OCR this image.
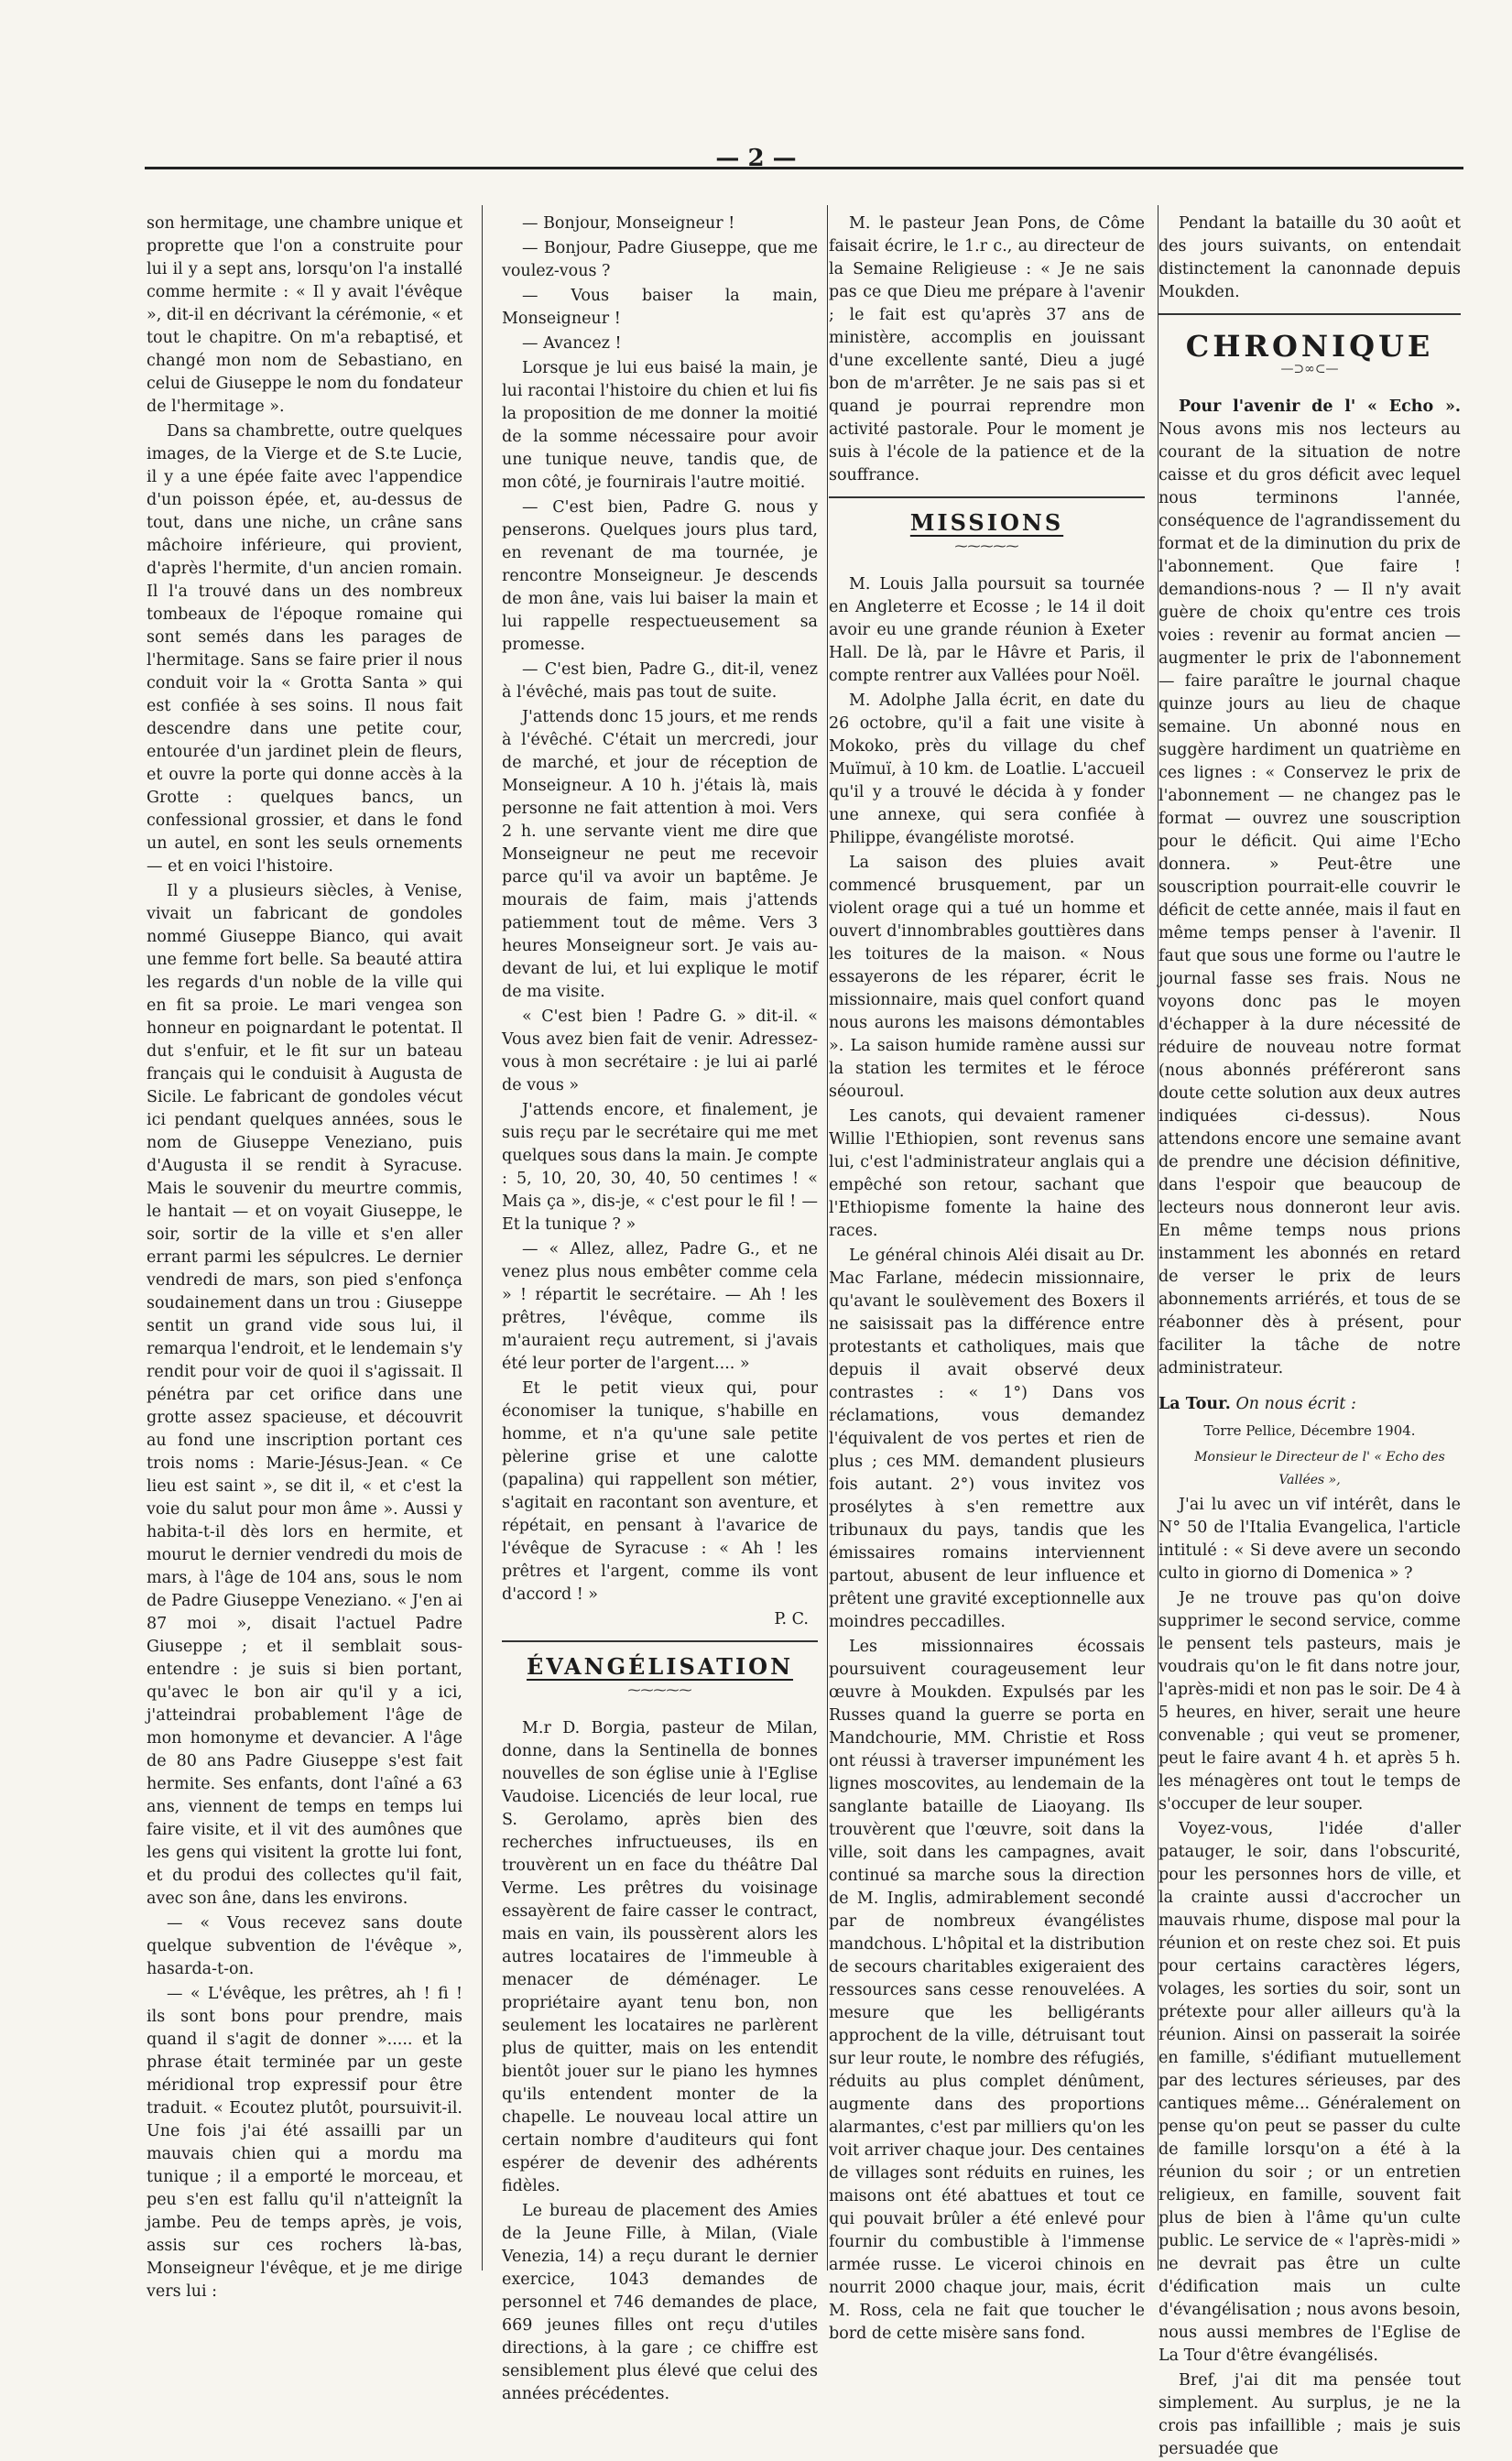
— 2 —

son hermitage, une chambre unique et proprette que l'on a construite pour lui il y a sept ans, lorsqu'on l'a installé comme hermite : « Il y avait l'évêque », dit-il en décrivant la cérémonie, « et tout le chapitre. On m'a rebaptisé, et changé mon nom de Sebastiano, en celui de Giuseppe le nom du fondateur de l'hermitage ».

Dans sa chambrette, outre quelques images, de la Vierge et de S.te Lucie, il y a une épée faite avec l'appendice d'un poisson épée, et, au-dessus de tout, dans une niche, un crâne sans mâchoire inférieure, qui provient, d'après l'hermite, d'un ancien romain. Il l'a trouvé dans un des nombreux tombeaux de l'époque romaine qui sont semés dans les parages de l'hermitage. Sans se faire prier il nous conduit voir la « Grotta Santa » qui est confiée à ses soins. Il nous fait descendre dans une petite cour, entourée d'un jardinet plein de fleurs, et ouvre la porte qui donne accès à la Grotte : quelques bancs, un confessional grossier, et dans le fond un autel, en sont les seuls ornements — et en voici l'histoire.

Il y a plusieurs siècles, à Venise, vivait un fabricant de gondoles nommé Giuseppe Bianco, qui avait une femme fort belle. Sa beauté attira les regards d'un noble de la ville qui en fit sa proie. Le mari vengea son honneur en poignardant le potentat. Il dut s'enfuir, et le fit sur un bateau français qui le conduisit à Augusta de Sicile. Le fabricant de gondoles vécut ici pendant quelques années, sous le nom de Giuseppe Veneziano, puis d'Augusta il se rendit à Syracuse. Mais le souvenir du meurtre commis, le hantait — et on voyait Giuseppe, le soir, sortir de la ville et s'en aller errant parmi les sépulcres. Le dernier vendredi de mars, son pied s'enfonça soudainement dans un trou : Giuseppe sentit un grand vide sous lui, il remarqua l'endroit, et le lendemain s'y rendit pour voir de quoi il s'agissait. Il pénétra par cet orifice dans une grotte assez spacieuse, et découvrit au fond une inscription portant ces trois noms : Marie-Jésus-Jean. « Ce lieu est saint », se dit il, « et c'est la voie du salut pour mon âme ». Aussi y habita-t-il dès lors en hermite, et mourut le dernier vendredi du mois de mars, à l'âge de 104 ans, sous le nom de Padre Giuseppe Veneziano. « J'en ai 87 moi », disait l'actuel Padre Giuseppe ; et il semblait sous-entendre : je suis si bien portant, qu'avec le bon air qu'il y a ici, j'atteindrai probablement l'âge de mon homonyme et devancier. A l'âge de 80 ans Padre Giuseppe s'est fait hermite. Ses enfants, dont l'aîné a 63 ans, viennent de temps en temps lui faire visite, et il vit des aumônes que les gens qui visitent la grotte lui font, et du produi des collectes qu'il fait, avec son âne, dans les environs.

— « Vous recevez sans doute quelque subvention de l'évêque », hasarda-t-on.

— « L'évêque, les prêtres, ah ! fi ! ils sont bons pour prendre, mais quand il s'agit de donner »..... et la phrase était terminée par un geste méridional trop expressif pour être traduit. « Ecoutez plutôt, poursuivit-il. Une fois j'ai été assailli par un mauvais chien qui a mordu ma tunique ; il a emporté le morceau, et peu s'en est fallu qu'il n'atteignît la jambe. Peu de temps après, je vois, assis sur ces rochers là-bas, Monseigneur l'évêque, et je me dirige vers lui :

— Bonjour, Monseigneur !

— Bonjour, Padre Giuseppe, que me voulez-vous ?

— Vous baiser la main, Monseigneur !

— Avancez !

Lorsque je lui eus baisé la main, je lui racontai l'histoire du chien et lui fis la proposition de me donner la moitié de la somme nécessaire pour avoir une tunique neuve, tandis que, de mon côté, je fournirais l'autre moitié.

— C'est bien, Padre G. nous y penserons. Quelques jours plus tard, en revenant de ma tournée, je rencontre Monseigneur. Je descends de mon âne, vais lui baiser la main et lui rappelle respectueusement sa promesse.

— C'est bien, Padre G., dit-il, venez à l'évêché, mais pas tout de suite.

J'attends donc 15 jours, et me rends à l'évêché. C'était un mercredi, jour de marché, et jour de réception de Monseigneur. A 10 h. j'étais là, mais personne ne fait attention à moi. Vers 2 h. une servante vient me dire que Monseigneur ne peut me recevoir parce qu'il va avoir un baptême. Je mourais de faim, mais j'attends patiemment tout de même. Vers 3 heures Monseigneur sort. Je vais au-devant de lui, et lui explique le motif de ma visite.

« C'est bien ! Padre G. » dit-il. « Vous avez bien fait de venir. Adressez-vous à mon secrétaire : je lui ai parlé de vous »

J'attends encore, et finalement, je suis reçu par le secrétaire qui me met quelques sous dans la main. Je compte : 5, 10, 20, 30, 40, 50 centimes ! « Mais ça », dis-je, « c'est pour le fil ! — Et la tunique ? »

— « Allez, allez, Padre G., et ne venez plus nous embêter comme cela » ! répartit le secrétaire. — Ah ! les prêtres, l'évêque, comme ils m'auraient reçu autrement, si j'avais été leur porter de l'argent.... »

Et le petit vieux qui, pour économiser la tunique, s'habille en homme, et n'a qu'une sale petite pèlerine grise et une calotte (papalina) qui rappellent son métier, s'agitait en racontant son aventure, et répétait, en pensant à l'avarice de l'évêque de Syracuse : « Ah ! les prêtres et l'argent, comme ils vont d'accord ! »

P. C.

ÉVANGÉLISATION
⁓⁓⁓⁓⁓

M.r D. Borgia, pasteur de Milan, donne, dans la Sentinella de bonnes nouvelles de son église unie à l'Eglise Vaudoise. Licenciés de leur local, rue S. Gerolamo, après bien des recherches infructueuses, ils en trouvèrent un en face du théâtre Dal Verme. Les prêtres du voisinage essayèrent de faire casser le contract, mais en vain, ils poussèrent alors les autres locataires de l'immeuble à menacer de déménager. Le propriétaire ayant tenu bon, non seulement les locataires ne parlèrent plus de quitter, mais on les entendit bientôt jouer sur le piano les hymnes qu'ils entendent monter de la chapelle. Le nouveau local attire un certain nombre d'auditeurs qui font espérer de devenir des adhérents fidèles.

Le bureau de placement des Amies de la Jeune Fille, à Milan, (Viale Venezia, 14) a reçu durant le dernier exercice, 1043 demandes de personnel et 746 demandes de place, 669 jeunes filles ont reçu d'utiles directions, à la gare ; ce chiffre est sensiblement plus élevé que celui des années précédentes.

M. le pasteur Jean Pons, de Côme faisait écrire, le 1.r c., au directeur de la Semaine Religieuse : « Je ne sais pas ce que Dieu me prépare à l'avenir ; le fait est qu'après 37 ans de ministère, accomplis en jouissant d'une excellente santé, Dieu a jugé bon de m'arrêter. Je ne sais pas si et quand je pourrai reprendre mon activité pastorale. Pour le moment je suis à l'école de la patience et de la souffrance.

MISSIONS
⁓⁓⁓⁓⁓

M. Louis Jalla poursuit sa tournée en Angleterre et Ecosse ; le 14 il doit avoir eu une grande réunion à Exeter Hall. De là, par le Hâvre et Paris, il compte rentrer aux Vallées pour Noël.

M. Adolphe Jalla écrit, en date du 26 octobre, qu'il a fait une visite à Mokoko, près du village du chef Muïmuï, à 10 km. de Loatlie. L'accueil qu'il y a trouvé le décida à y fonder une annexe, qui sera confiée à Philippe, évangéliste morotsé.

La saison des pluies avait commencé brusquement, par un violent orage qui a tué un homme et ouvert d'innombrables gouttières dans les toitures de la maison. « Nous essayerons de les réparer, écrit le missionnaire, mais quel confort quand nous aurons les maisons démontables ». La saison humide ramène aussi sur la station les termites et le féroce séouroul.

Les canots, qui devaient ramener Willie l'Ethiopien, sont revenus sans lui, c'est l'administrateur anglais qui a empêché son retour, sachant que l'Ethiopisme fomente la haine des races.

Le général chinois Aléi disait au Dr. Mac Farlane, médecin missionnaire, qu'avant le soulèvement des Boxers il ne saisissait pas la différence entre protestants et catholiques, mais que depuis il avait observé deux contrastes : « 1°) Dans vos réclamations, vous demandez l'équivalent de vos pertes et rien de plus ; ces MM. demandent plusieurs fois autant. 2°) vous invitez vos prosélytes à s'en remettre aux tribunaux du pays, tandis que les émissaires romains interviennent partout, abusent de leur influence et prêtent une gravité exceptionnelle aux moindres peccadilles.

Les missionnaires écossais poursuivent courageusement leur œuvre à Moukden. Expulsés par les Russes quand la guerre se porta en Mandchourie, MM. Christie et Ross ont réussi à traverser impunément les lignes moscovites, au lendemain de la sanglante bataille de Liaoyang. Ils trouvèrent que l'œuvre, soit dans la ville, soit dans les campagnes, avait continué sa marche sous la direction de M. Inglis, admirablement secondé par de nombreux évangélistes mandchous. L'hôpital et la distribution de secours charitables exigeraient des ressources sans cesse renouvelées. A mesure que les belligérants approchent de la ville, détruisant tout sur leur route, le nombre des réfugiés, réduits au plus complet dénûment, augmente dans des proportions alarmantes, c'est par milliers qu'on les voit arriver chaque jour. Des centaines de villages sont réduits en ruines, les maisons ont été abattues et tout ce qui pouvait brûler a été enlevé pour fournir du combustible à l'immense armée russe. Le viceroi chinois en nourrit 2000 chaque jour, mais, écrit M. Ross, cela ne fait que toucher le bord de cette misère sans fond.

Pendant la bataille du 30 août et des jours suivants, on entendait distinctement la canonnade depuis Moukden.

CHRONIQUE
—⊃∞⊂—

Pour l'avenir de l' « Echo ». Nous avons mis nos lecteurs au courant de la situation de notre caisse et du gros déficit avec lequel nous terminons l'année, conséquence de l'agrandissement du format et de la diminution du prix de l'abonnement. Que faire ! demandions-nous ? — Il n'y avait guère de choix qu'entre ces trois voies : revenir au format ancien — augmenter le prix de l'abonnement — faire paraître le journal chaque quinze jours au lieu de chaque semaine. Un abonné nous en suggère hardiment un quatrième en ces lignes : « Conservez le prix de l'abonnement — ne changez pas le format — ouvrez une souscription pour le déficit. Qui aime l'Echo donnera. » Peut-être une souscription pourrait-elle couvrir le déficit de cette année, mais il faut en même temps penser à l'avenir. Il faut que sous une forme ou l'autre le journal fasse ses frais. Nous ne voyons donc pas le moyen d'échapper à la dure nécessité de réduire de nouveau notre format (nous abonnés préféreront sans doute cette solution aux deux autres indiquées ci-dessus). Nous attendons encore une semaine avant de prendre une décision définitive, dans l'espoir que beaucoup de lecteurs nous donneront leur avis. En même temps nous prions instamment les abonnés en retard de verser le prix de leurs abonnements arriérés, et tous de se réabonner dès à présent, pour faciliter la tâche de notre administrateur.

La Tour. On nous écrit :

Torre Pellice, Décembre 1904.

Monsieur le Directeur de l' « Echo des Vallées »,

J'ai lu avec un vif intérêt, dans le N° 50 de l'Italia Evangelica, l'article intitulé : « Si deve avere un secondo culto in giorno di Domenica » ?

Je ne trouve pas qu'on doive supprimer le second service, comme le pensent tels pasteurs, mais je voudrais qu'on le fit dans notre jour, l'après-midi et non pas le soir. De 4 à 5 heures, en hiver, serait une heure convenable ; qui veut se promener, peut le faire avant 4 h. et après 5 h. les ménagères ont tout le temps de s'occuper de leur souper.

Voyez-vous, l'idée d'aller patauger, le soir, dans l'obscurité, pour les personnes hors de ville, et la crainte aussi d'accrocher un mauvais rhume, dispose mal pour la réunion et on reste chez soi. Et puis pour certains caractères légers, volages, les sorties du soir, sont un prétexte pour aller ailleurs qu'à la réunion. Ainsi on passerait la soirée en famille, s'édifiant mutuellement par des lectures sérieuses, par des cantiques même... Généralement on pense qu'on peut se passer du culte de famille lorsqu'on a été à la réunion du soir ; or un entretien religieux, en famille, souvent fait plus de bien à l'âme qu'un culte public. Le service de « l'après-midi » ne devrait pas être un culte d'édification mais un culte d'évangélisation ; nous avons besoin, nous aussi membres de l'Eglise de La Tour d'être évangélisés.

Bref, j'ai dit ma pensée tout simplement. Au surplus, je ne la crois pas infaillible ; mais je suis persuadée que
